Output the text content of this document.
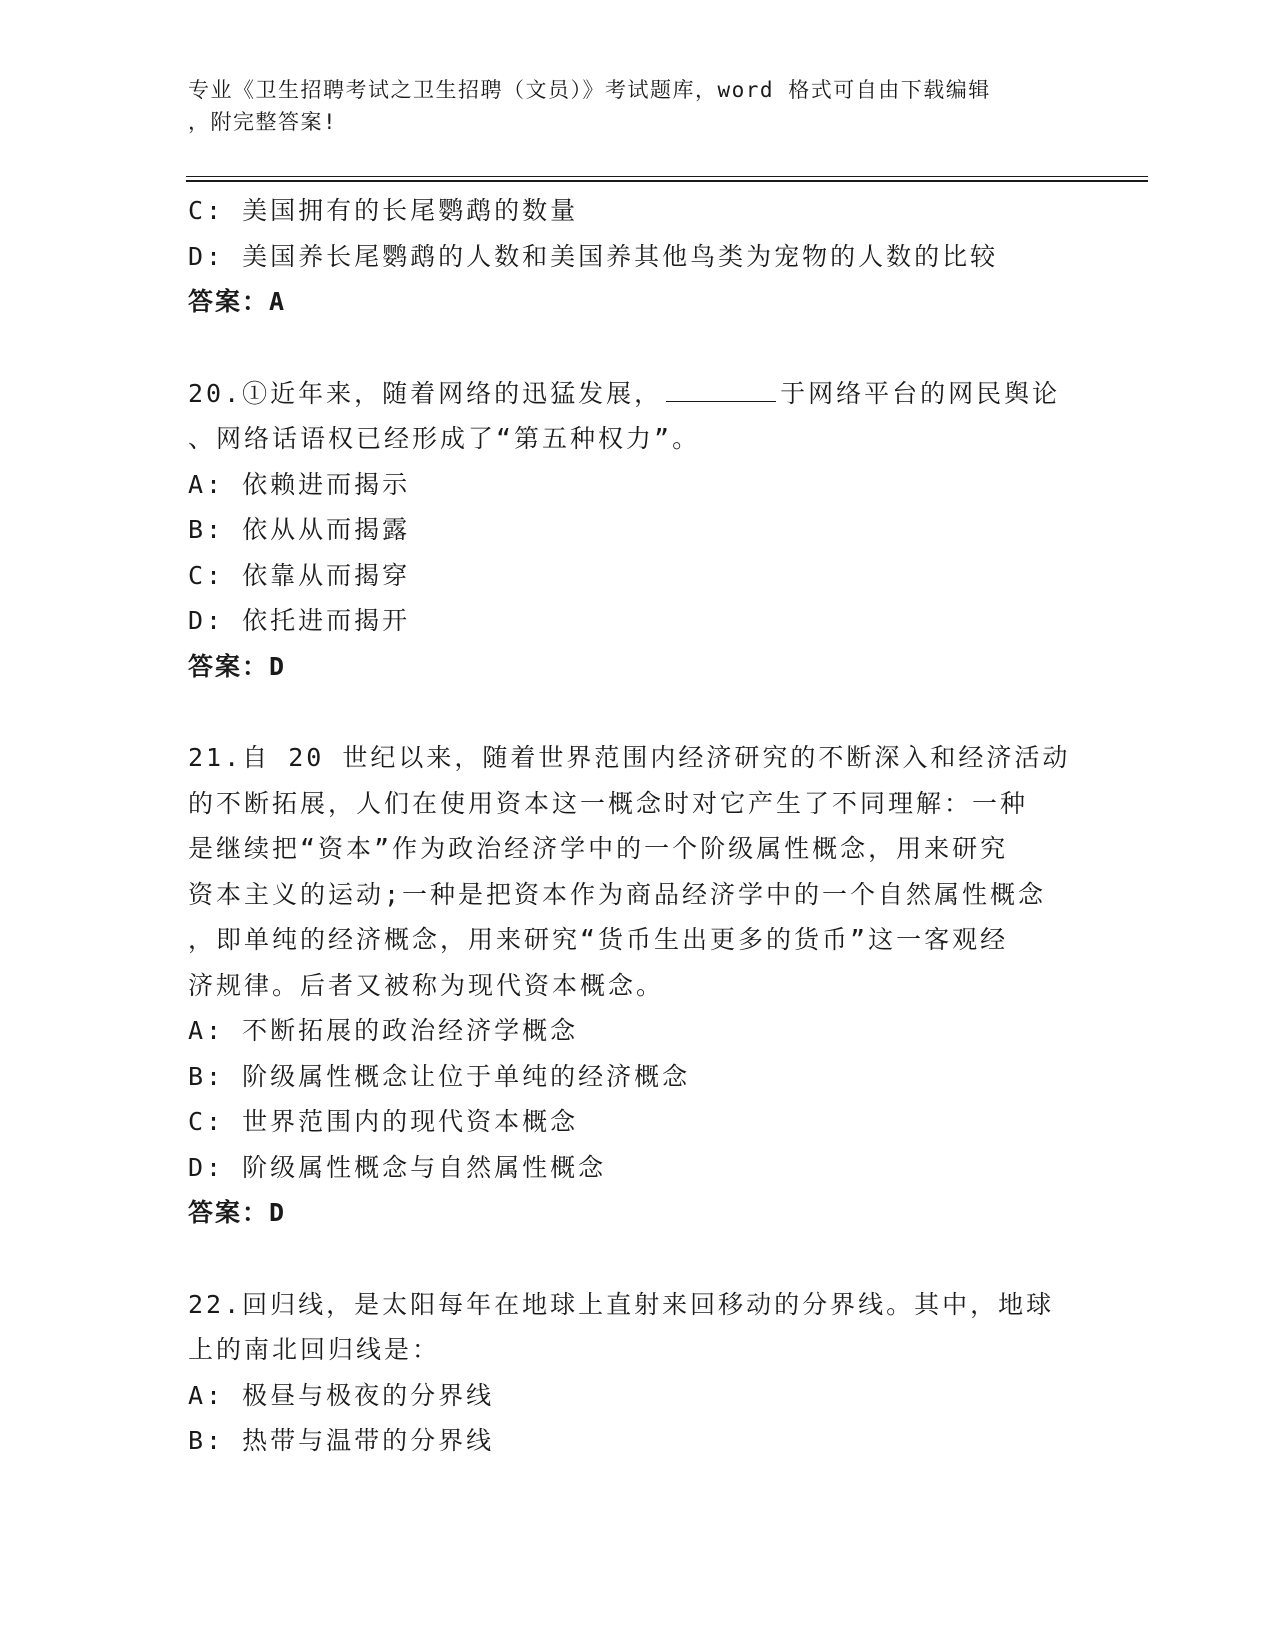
专业《卫生招聘考试之卫生招聘（文员）》考试题库，word 格式可自由下载编辑
，附完整答案!
C: 美国拥有的长尾鹦鹉的数量
D: 美国养长尾鹦鹉的人数和美国养其他鸟类为宠物的人数的比较
答案：A
20.①近年来，随着网络的迅猛发展，	于网络平台的网民舆论
、网络话语权已经形成了“第五种权力”。
A: 依赖进而揭示
B: 依从从而揭露
C: 依靠从而揭穿
D: 依托进而揭开
答案：D
21.自 20 世纪以来，随着世界范围内经济研究的不断深入和经济活动
的不断拓展，人们在使用资本这一概念时对它产生了不同理解：一种
是继续把“资本”作为政治经济学中的一个阶级属性概念，用来研究
资本主义的运动;一种是把资本作为商品经济学中的一个自然属性概念
，即单纯的经济概念，用来研究“货币生出更多的货币”这一客观经
济规律。后者又被称为现代资本概念。
A: 不断拓展的政治经济学概念
B: 阶级属性概念让位于单纯的经济概念
C: 世界范围内的现代资本概念
D: 阶级属性概念与自然属性概念
答案：D
22.回归线，是太阳每年在地球上直射来回移动的分界线。其中，地球
上的南北回归线是：
A: 极昼与极夜的分界线
B: 热带与温带的分界线
